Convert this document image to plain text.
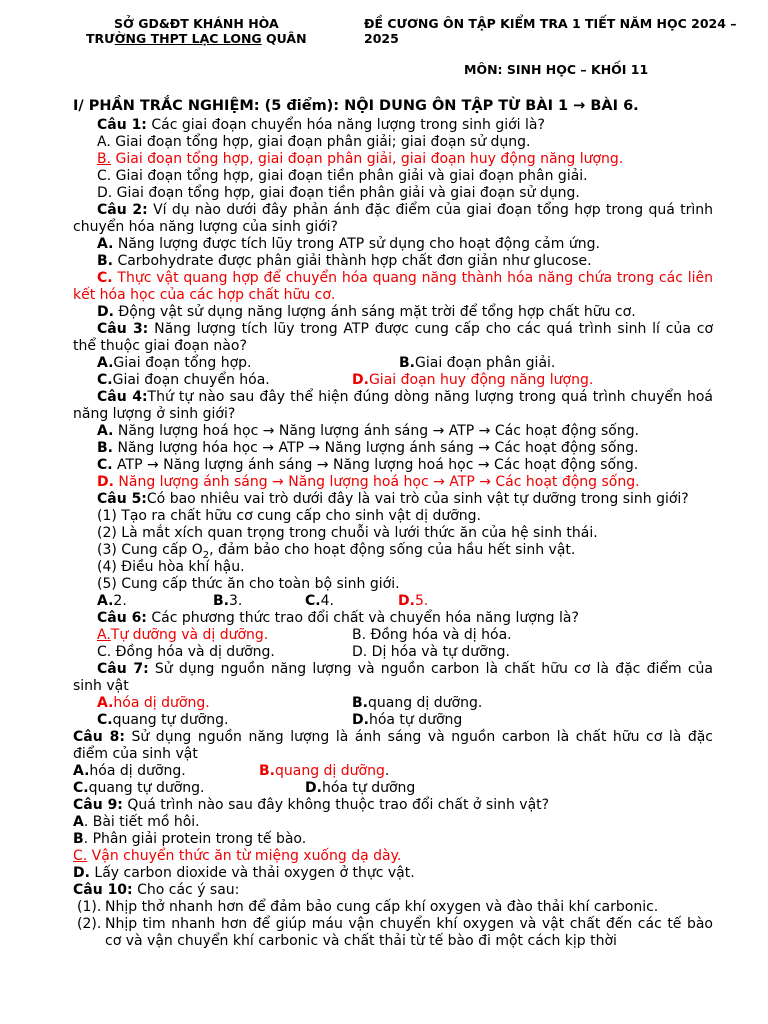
SỞ GD&ĐT KHÁNH HÒA
TRƯỜNG THPT LẠC LONG QUÂN
ĐỀ CƯƠNG ÔN TẬP KIỂM TRA 1 TIẾT NĂM HỌC 2024 – 2025
MÔN: SINH HỌC – KHỐI 11
I/ PHẦN TRẮC NGHIỆM: (5 điểm): NỘI DUNG ÔN TẬP TỪ BÀI 1 → BÀI 6.
Câu 1: Các giai đoạn chuyển hóa năng lượng trong sinh giới là?
A. Giai đoạn tổng hợp, giai đoạn phân giải; giai đoạn sử dụng.
B. Giai đoạn tổng hợp, giai đoạn phân giải, giai đoạn huy động năng lượng.
C. Giai đoạn tổng hợp, giai đoạn tiền phân giải và giai đoạn phân giải.
D. Giai đoạn tổng hợp, giai đoạn tiền phân giải và giai đoạn sử dụng.
Câu 2: Ví dụ nào dưới đây phản ánh đặc điểm của giai đoạn tổng hợp trong quá trình chuyển hóa năng lượng của sinh giới?
A. Năng lượng được tích lũy trong ATP sử dụng cho hoạt động cảm ứng.
B. Carbohydrate được phân giải thành hợp chất đơn giản như glucose.
C. Thực vật quang hợp để chuyển hóa quang năng thành hóa năng chứa trong các liên kết hóa học của các hợp chất hữu cơ.
D. Động vật sử dụng năng lượng ánh sáng mặt trời để tổng hợp chất hữu cơ.
Câu 3: Năng lượng tích lũy trong ATP được cung cấp cho các quá trình sinh lí của cơ thể thuộc giai đoạn nào?
A.Giai đoạn tổng hợp.	B.Giai đoạn phân giải.
C.Giai đoạn chuyển hóa.	D.Giai đoạn huy động năng lượng.
Câu 4:Thứ tự nào sau đây thể hiện đúng dòng năng lượng trong quá trình chuyển hoá năng lượng ở sinh giới?
A. Năng lượng hoá học → Năng lượng ánh sáng → ATP → Các hoạt động sống.
B. Năng lượng hóa học → ATP → Năng lượng ánh sáng → Các hoạt động sống.
C. ATP → Năng lượng ánh sáng → Năng lượng hoá học → Các hoạt động sống.
D. Năng lượng ánh sáng → Năng lượng hoá học → ATP → Các hoạt động sống.
Câu 5:Có bao nhiêu vai trò dưới đây là vai trò của sinh vật tự dưỡng trong sinh giới?
(1) Tạo ra chất hữu cơ cung cấp cho sinh vật dị dưỡng.
(2) Là mắt xích quan trọng trong chuỗi và lưới thức ăn của hệ sinh thái.
(3) Cung cấp $O_2$, đảm bảo cho hoạt động sống của hầu hết sinh vật.
(4) Điều hòa khí hậu.
(5) Cung cấp thức ăn cho toàn bộ sinh giới.
A.2.	B.3.	C.4.	D.5.
Câu 6: Các phương thức trao đổi chất và chuyển hóa năng lượng là?
A.Tự dưỡng và dị dưỡng.	B. Đồng hóa và dị hóa.
C. Đồng hóa và dị dưỡng.	D. Dị hóa và tự dưỡng.
Câu 7: Sử dụng nguồn năng lượng và nguồn carbon là chất hữu cơ là đặc điểm của sinh vật
A.hóa dị dưỡng.	B.quang dị dưỡng.
C.quang tự dưỡng.	D.hóa tự dưỡng
Câu 8: Sử dụng nguồn năng lượng là ánh sáng và nguồn carbon là chất hữu cơ là đặc điểm của sinh vật
A.hóa dị dưỡng.	B.quang dị dưỡng.
C.quang tự dưỡng.	D.hóa tự dưỡng
Câu 9: Quá trình nào sau đây không thuộc trao đổi chất ở sinh vật?
A. Bài tiết mồ hôi.
B. Phân giải protein trong tế bào.
C. Vận chuyển thức ăn từ miệng xuống dạ dày.
D. Lấy carbon dioxide và thải oxygen ở thực vật.
Câu 10: Cho các ý sau:
(1). Nhịp thở nhanh hơn để đảm bảo cung cấp khí oxygen và đào thải khí carbonic.
(2). Nhịp tim nhanh hơn để giúp máu vận chuyển khí oxygen và vật chất đến các tế bào cơ và vận chuyển khí carbonic và chất thải từ tế bào đi một cách kịp thời
